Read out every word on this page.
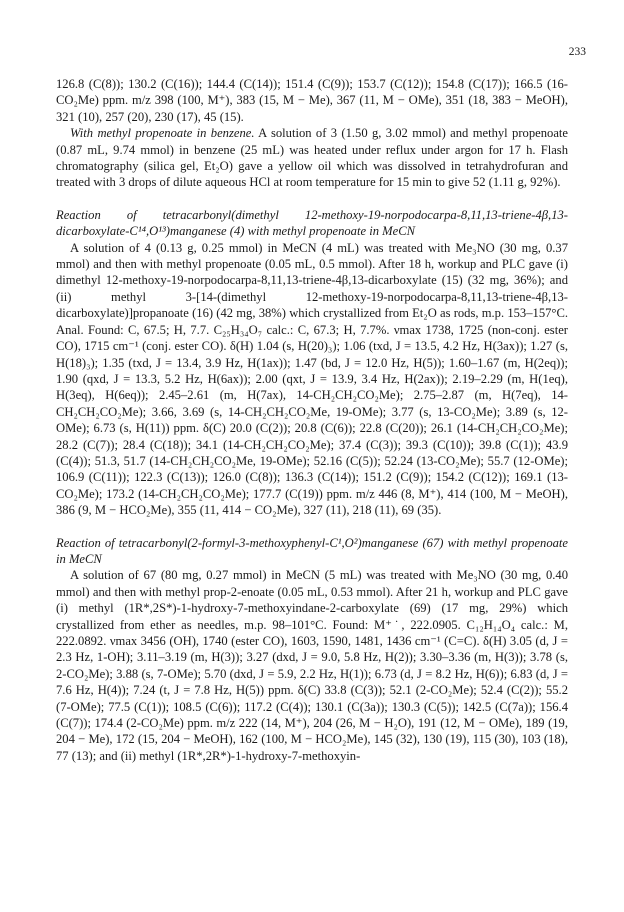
233

126.8 (C(8)); 130.2 (C(16)); 144.4 (C(14)); 151.4 (C(9)); 153.7 (C(12)); 154.8 (C(17)); 166.5 (16-CO₂Me) ppm. m/z 398 (100, M⁺), 383 (15, M − Me), 367 (11, M − OMe), 351 (18, 383 − MeOH), 321 (10), 257 (20), 230 (17), 45 (15).

With methyl propenoate in benzene. A solution of 3 (1.50 g, 3.02 mmol) and methyl propenoate (0.87 mL, 9.74 mmol) in benzene (25 mL) was heated under reflux under argon for 17 h. Flash chromatography (silica gel, Et₂O) gave a yellow oil which was dissolved in tetrahydrofuran and treated with 3 drops of dilute aqueous HCl at room temperature for 15 min to give 52 (1.11 g, 92%).

Reaction of tetracarbonyl(dimethyl 12-methoxy-19-norpodocarpa-8,11,13-triene-4β,13-dicarboxylate-C¹⁴,O¹³)manganese (4) with methyl propenoate in MeCN

A solution of 4 (0.13 g, 0.25 mmol) in MeCN (4 mL) was treated with Me₃NO (30 mg, 0.37 mmol) and then with methyl propenoate (0.05 mL, 0.5 mmol). After 18 h, workup and PLC gave (i) dimethyl 12-methoxy-19-norpodocarpa-8,11,13-triene-4β,13-dicarboxylate (15) (32 mg, 36%); and (ii) methyl 3-[14-(dimethyl 12-methoxy-19-norpodocarpa-8,11,13-triene-4β,13-dicarboxylate)]propanoate (16) (42 mg, 38%) which crystallized from Et₂O as rods, m.p. 153–157°C. Anal. Found: C, 67.5; H, 7.7. C₂₅H₃₄O₇ calc.: C, 67.3; H, 7.7%. νmax 1738, 1725 (non-conj. ester CO), 1715 cm⁻¹ (conj. ester CO). δ(H) 1.04 (s, H(20)₃); 1.06 (txd, J = 13.5, 4.2 Hz, H(3ax)); 1.27 (s, H(18)₃); 1.35 (txd, J = 13.4, 3.9 Hz, H(1ax)); 1.47 (bd, J = 12.0 Hz, H(5)); 1.60–1.67 (m, H(2eq)); 1.90 (qxd, J = 13.3, 5.2 Hz, H(6ax)); 2.00 (qxt, J = 13.9, 3.4 Hz, H(2ax)); 2.19–2.29 (m, H(1eq), H(3eq), H(6eq)); 2.45–2.61 (m, H(7ax), 14-CH₂CH₂CO₂Me); 2.75–2.87 (m, H(7eq), 14-CH₂CH₂CO₂Me); 3.66, 3.69 (s, 14-CH₂CH₂CO₂Me, 19-OMe); 3.77 (s, 13-CO₂Me); 3.89 (s, 12-OMe); 6.73 (s, H(11)) ppm. δ(C) 20.0 (C(2)); 20.8 (C(6)); 22.8 (C(20)); 26.1 (14-CH₂CH₂CO₂Me); 28.2 (C(7)); 28.4 (C(18)); 34.1 (14-CH₂CH₂CO₂Me); 37.4 (C(3)); 39.3 (C(10)); 39.8 (C(1)); 43.9 (C(4)); 51.3, 51.7 (14-CH₂CH₂CO₂Me, 19-OMe); 52.16 (C(5)); 52.24 (13-CO₂Me); 55.7 (12-OMe); 106.9 (C(11)); 122.3 (C(13)); 126.0 (C(8)); 136.3 (C(14)); 151.2 (C(9)); 154.2 (C(12)); 169.1 (13-CO₂Me); 173.2 (14-CH₂CH₂CO₂Me); 177.7 (C(19)) ppm. m/z 446 (8, M⁺), 414 (100, M − MeOH), 386 (9, M − HCO₂Me), 355 (11, 414 − CO₂Me), 327 (11), 218 (11), 69 (35).

Reaction of tetracarbonyl(2-formyl-3-methoxyphenyl-C¹,O²)manganese (67) with methyl propenoate in MeCN

A solution of 67 (80 mg, 0.27 mmol) in MeCN (5 mL) was treated with Me₃NO (30 mg, 0.40 mmol) and then with methyl prop-2-enoate (0.05 mL, 0.53 mmol). After 21 h, workup and PLC gave (i) methyl (1R*,2S*)-1-hydroxy-7-methoxyindane-2-carboxylate (69) (17 mg, 29%) which crystallized from ether as needles, m.p. 98–101°C. Found: M⁺˙, 222.0905. C₁₂H₁₄O₄ calc.: M, 222.0892. νmax 3456 (OH), 1740 (ester CO), 1603, 1590, 1481, 1436 cm⁻¹ (C=C). δ(H) 3.05 (d, J = 2.3 Hz, 1-OH); 3.11–3.19 (m, H(3)); 3.27 (dxd, J = 9.0, 5.8 Hz, H(2)); 3.30–3.36 (m, H(3)); 3.78 (s, 2-CO₂Me); 3.88 (s, 7-OMe); 5.70 (dxd, J = 5.9, 2.2 Hz, H(1)); 6.73 (d, J = 8.2 Hz, H(6)); 6.83 (d, J = 7.6 Hz, H(4)); 7.24 (t, J = 7.8 Hz, H(5)) ppm. δ(C) 33.8 (C(3)); 52.1 (2-CO₂Me); 52.4 (C(2)); 55.2 (7-OMe); 77.5 (C(1)); 108.5 (C(6)); 117.2 (C(4)); 130.1 (C(3a)); 130.3 (C(5)); 142.5 (C(7a)); 156.4 (C(7)); 174.4 (2-CO₂Me) ppm. m/z 222 (14, M⁺), 204 (26, M − H₂O), 191 (12, M − OMe), 189 (19, 204 − Me), 172 (15, 204 − MeOH), 162 (100, M − HCO₂Me), 145 (32), 130 (19), 115 (30), 103 (18), 77 (13); and (ii) methyl (1R*,2R*)-1-hydroxy-7-methoxyin-
